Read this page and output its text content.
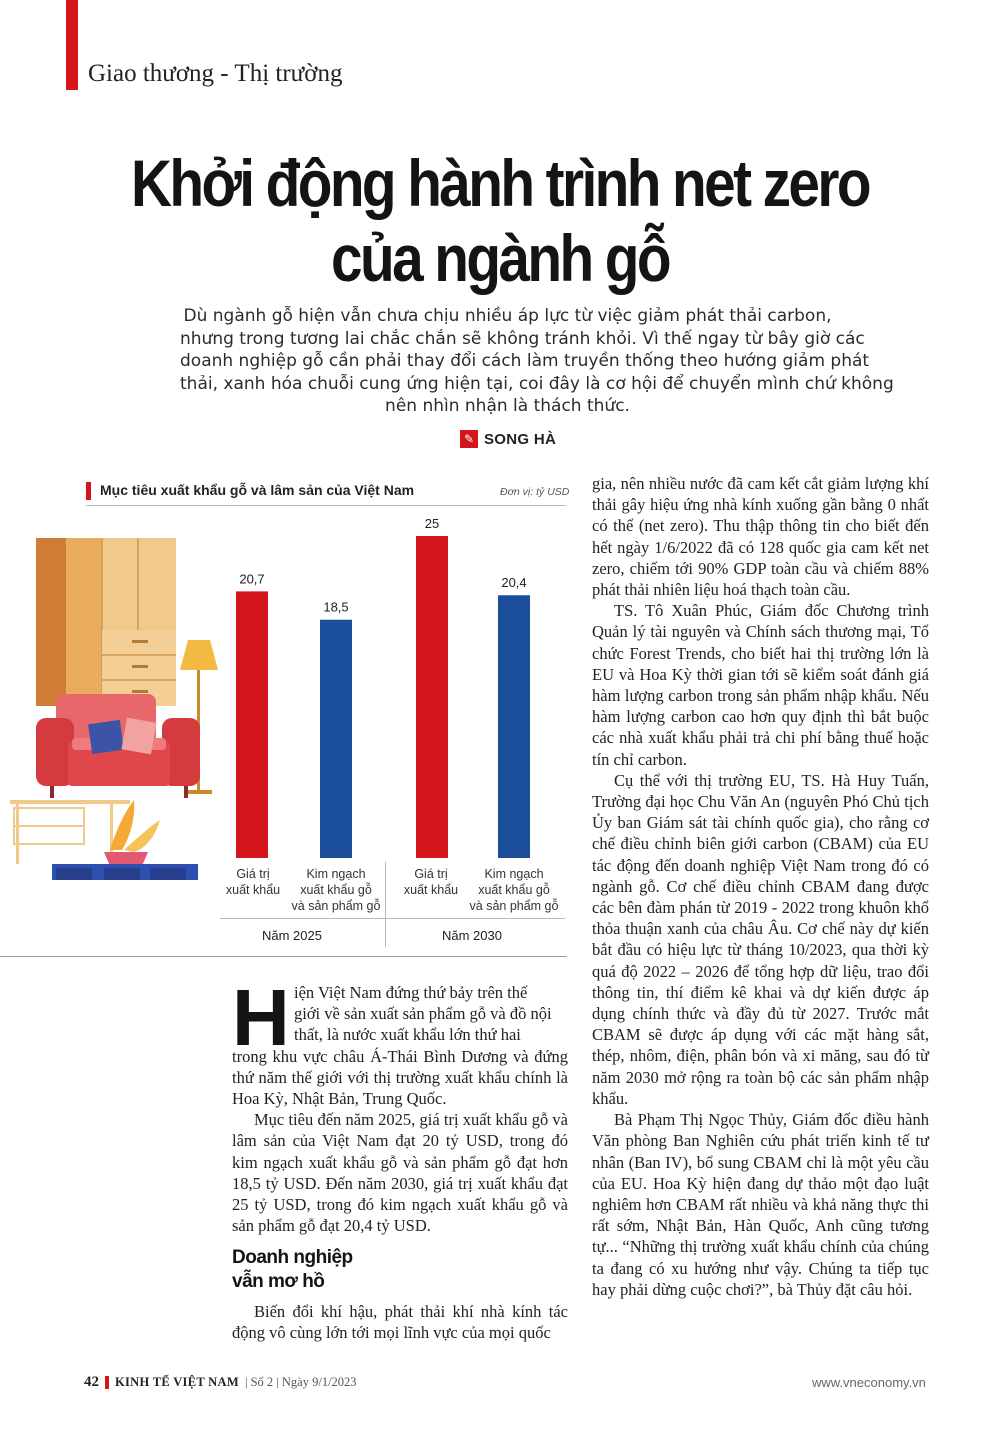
Giao thương - Thị trường
Khởi động hành trình net zero
của ngành gỗ
Dù ngành gỗ hiện vẫn chưa chịu nhiều áp lực từ việc giảm phát thải carbon,
nhưng trong tương lai chắc chắn sẽ không tránh khỏi. Vì thế ngay từ bây giờ các
doanh nghiệp gỗ cần phải thay đổi cách làm truyền thống theo hướng giảm phát
thải, xanh hóa chuỗi cung ứng hiện tại, coi đây là cơ hội để chuyển mình chứ không
nên nhìn nhận là thách thức.
✎ SONG HÀ
Mục tiêu xuất khẩu gỗ và lâm sản của Việt Nam	Đơn vị: tỷ USD
20,7
18,5
25
20,4
Giá trị
xuất khẩu
Kim ngạch
xuất khẩu gỗ
và sản phẩm gỗ
Giá trị
xuất khẩu
Kim ngạch
xuất khẩu gỗ
và sản phẩm gỗ
Năm 2025	Năm 2030

gia, nên nhiều nước đã cam kết cắt giảm lượng khí thải gây hiệu ứng nhà kính xuống gần bằng 0 nhất có thể (net zero). Thu thập thông tin cho biết đến hết ngày 1/6/2022 đã có 128 quốc gia cam kết net zero, chiếm tới 90% GDP toàn cầu và chiếm 88% phát thải nhiên liệu hoá thạch toàn cầu.

TS. Tô Xuân Phúc, Giám đốc Chương trình Quản lý tài nguyên và Chính sách thương mại, Tổ chức Forest Trends, cho biết hai thị trường lớn là EU và Hoa Kỳ thời gian tới sẽ kiểm soát đánh giá hàm lượng carbon trong sản phẩm nhập khẩu. Nếu hàm lượng carbon cao hơn quy định thì bắt buộc các nhà xuất khẩu phải trả chi phí bằng thuế hoặc tín chỉ carbon.

Cụ thể với thị trường EU, TS. Hà Huy Tuấn, Trường đại học Chu Văn An (nguyên Phó Chủ tịch Ủy ban Giám sát tài chính quốc gia), cho rằng cơ chế điều chỉnh biên giới carbon (CBAM) của EU tác động đến doanh nghiệp Việt Nam trong đó có ngành gỗ. Cơ chế điều chỉnh CBAM đang được các bên đàm phán từ 2019 - 2022 trong khuôn khổ thỏa thuận xanh của châu Âu. Cơ chế này dự kiến bắt đầu có hiệu lực từ tháng 10/2023, qua thời kỳ quá độ 2022 – 2026 để tổng hợp dữ liệu, trao đổi thông tin, thí điểm kê khai và dự kiến được áp dụng chính thức và đầy đủ từ 2027. Trước mắt CBAM sẽ được áp dụng với các mặt hàng sắt, thép, nhôm, điện, phân bón và xi măng, sau đó từ năm 2030 mở rộng ra toàn bộ các sản phẩm nhập khẩu.

Bà Phạm Thị Ngọc Thủy, Giám đốc điều hành Văn phòng Ban Nghiên cứu phát triển kinh tế tư nhân (Ban IV), bổ sung CBAM chỉ là một yêu cầu của EU. Hoa Kỳ hiện đang dự thảo một đạo luật nghiêm hơn CBAM rất nhiều và khả năng thực thi rất sớm, Nhật Bản, Hàn Quốc, Anh cũng tương tự... “Những thị trường xuất khẩu chính của chúng ta đang có xu hướng như vậy. Chúng ta tiếp tục hay phải dừng cuộc chơi?”, bà Thủy đặt câu hỏi.

H iện Việt Nam đứng thứ bảy trên thế
giới về sản xuất sản phẩm gỗ và đồ nội
thất, là nước xuất khẩu lớn thứ hai

trong khu vực châu Á-Thái Bình Dương và đứng thứ năm thế giới với thị trường xuất khẩu chính là Hoa Kỳ, Nhật Bản, Trung Quốc.

Mục tiêu đến năm 2025, giá trị xuất khẩu gỗ và lâm sản của Việt Nam đạt 20 tỷ USD, trong đó kim ngạch xuất khẩu gỗ và sản phẩm gỗ đạt hơn 18,5 tỷ USD. Đến năm 2030, giá trị xuất khẩu đạt 25 tỷ USD, trong đó kim ngạch xuất khẩu gỗ và sản phẩm gỗ đạt 20,4 tỷ USD.

Doanh nghiệp
vẫn mơ hồ

Biến đổi khí hậu, phát thải khí nhà kính tác động vô cùng lớn tới mọi lĩnh vực của mọi quốc

42 KINH TẾ VIỆT NAM | Số 2 | Ngày 9/1/2023	www.vneconomy.vn
